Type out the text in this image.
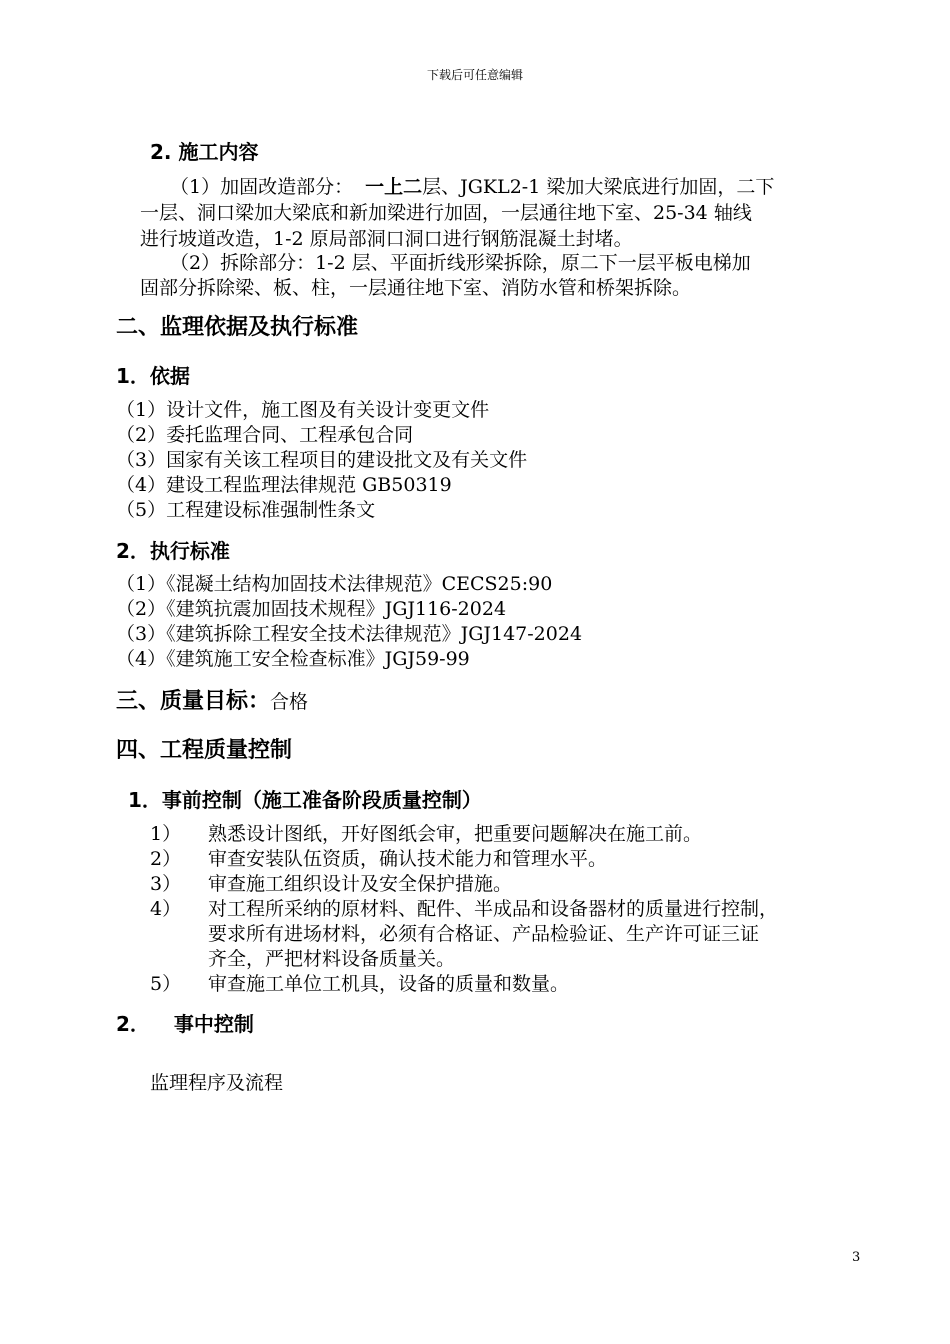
下载后可任意编辑
2. 施工内容
（1）加固改造部分： 一上二层、JGKL2-1 梁加大梁底进行加固，二下
一层、洞口梁加大梁底和新加梁进行加固，一层通往地下室、25-34 轴线
进行坡道改造，1-2 原局部洞口洞口进行钢筋混凝土封堵。
（2）拆除部分：1-2 层、平面折线形梁拆除，原二下一层平板电梯加
固部分拆除梁、板、柱，一层通往地下室、消防水管和桥架拆除。
二、监理依据及执行标准
1．依据
（1）设计文件，施工图及有关设计变更文件
（2）委托监理合同、工程承包合同
（3）国家有关该工程项目的建设批文及有关文件
（4）建设工程监理法律规范 GB50319
（5）工程建设标准强制性条文
2．执行标准
（1）《混凝土结构加固技术法律规范》CECS25:90
（2）《建筑抗震加固技术规程》JGJ116-2024
（3）《建筑拆除工程安全技术法律规范》JGJ147-2024
（4）《建筑施工安全检查标准》JGJ59-99
三、质量目标：合格
四、工程质量控制
1．事前控制（施工准备阶段质量控制）
1） 熟悉设计图纸，开好图纸会审，把重要问题解决在施工前。
2） 审查安装队伍资质，确认技术能力和管理水平。
3） 审查施工组织设计及安全保护措施。
4） 对工程所采纳的原材料、配件、半成品和设备器材的质量进行控制，
要求所有进场材料，必须有合格证、产品检验证、生产许可证三证
齐全，严把材料设备质量关。
5） 审查施工单位工机具，设备的质量和数量。
2． 事中控制
监理程序及流程
3
